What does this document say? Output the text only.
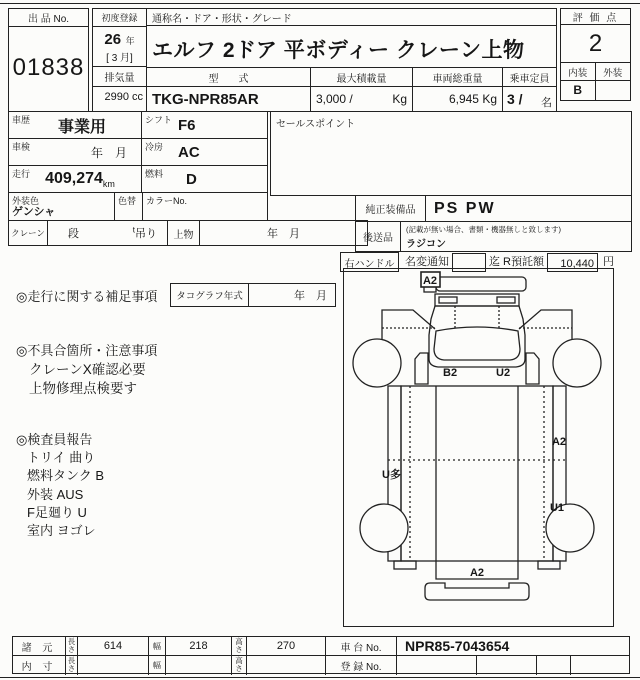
出 品 No.
01838
初度登録
26 年
[ 3 月]
排気量
2990 cc
通称名・ドア・形状・グレード
エルフ 2ドア 平ボディー クレーン上物
型　　式
TKG-NPR85AR
最大積載量
3,000 /	Kg
車両総重量
6,945 Kg
乗車定員
3 / 名
評 価 点
2
内装	外装
B
車歴	事業用	シフト F6
車検	年　月	冷房 AC
走行 409,274 km
燃料	D
外装色
ゲンシャ
色替 カラーNo.
クレーン 段	$^t$吊り	上物	年　月
セールスポイント
純正装備品	PS PW
後送品
(記載が無い場合、書類・機器無しと致します)
ラジコン
右ハンドル 名変通知	迄 R預託額	10,440 円
◎走行に関する補足事項	タコグラフ年式	年　月
◎不具合箇所・注意事項
クレーンX確認必要
上物修理点検要す
◎検査員報告
トリイ 曲り
燃料タンク B
外装 AUS
F足廻り U
室内 ヨゴレ
A2
B2	U2
A2
U多
U1
A2
諸 元
長さ	614	幅	218	高さ	270	車 台 No.	NPR85-7043654
内 寸
長さ	幅
高さ	登 録 No.
